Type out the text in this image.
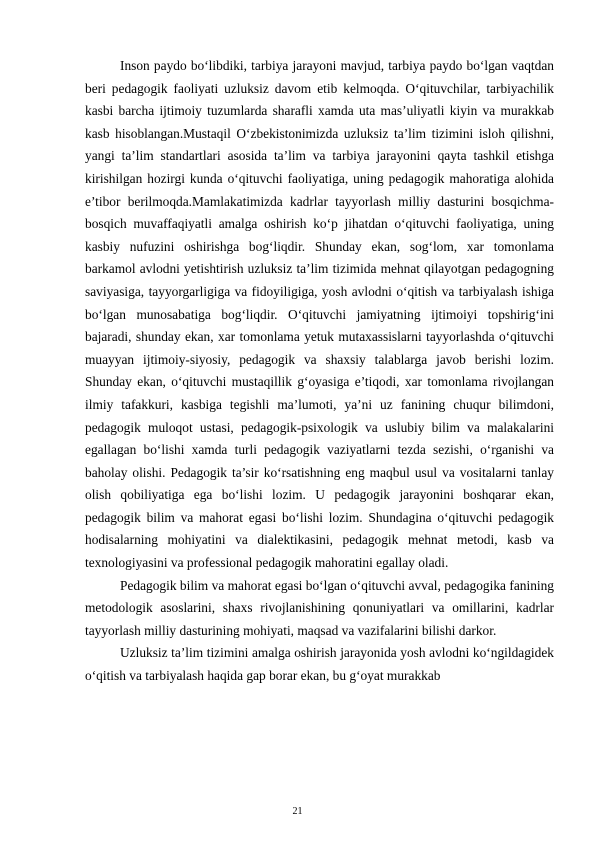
Inson paydo bo‘libdiki, tarbiya jarayoni mavjud, tarbiya paydo bo‘lgan vaqtdan beri pedagogik faoliyati uzluksiz davom etib kelmoqda. O‘qituvchilar, tarbiyachilik kasbi barcha ijtimoiy tuzumlarda sharafli xamda uta mas’uliyatli kiyin va murakkab kasb hisoblangan.Mustaqil O‘zbekistonimizda uzluksiz ta’lim tizimini isloh qilishni, yangi ta’lim standartlari asosida ta’lim va tarbiya jarayonini qayta tashkil etishga kirishilgan hozirgi kunda o‘qituvchi faoliyatiga, uning pedagogik mahoratiga alohida e’tibor berilmoqda.Mamlakatimizda kadrlar tayyorlash milliy dasturini bosqichma-bosqich muvaffaqiyatli amalga oshirish ko‘p jihatdan o‘qituvchi faoliyatiga, uning kasbiy nufuzini oshirishga bog‘liqdir. Shunday ekan, sog‘lom, xar tomonlama barkamol avlodni yetishtirish uzluksiz ta’lim tizimida mehnat qilayotgan pedagogning saviyasiga, tayyorgarligiga va fidoyiligiga, yosh avlodni o‘qitish va tarbiyalash ishiga bo‘lgan munosabatiga bog‘liqdir. O‘qituvchi jamiyatning ijtimoiyi topshirig‘ini bajaradi, shunday ekan, xar tomonlama yetuk mutaxassislarni tayyorlashda o‘qituvchi muayyan ijtimoiy-siyosiy, pedagogik va shaxsiy talablarga javob berishi lozim. Shunday ekan, o‘qituvchi mustaqillik g‘oyasiga e’tiqodi, xar tomonlama rivojlangan ilmiy tafakkuri, kasbiga tegishli ma’lumoti, ya’ni uz fanining chuqur bilimdoni, pedagogik muloqot ustasi, pedagogik-psixologik va uslubiy bilim va malakalarini egallagan bo‘lishi xamda turli pedagogik vaziyatlarni tezda sezishi, o‘rganishi va baholay olishi. Pedagogik ta’sir ko‘rsatishning eng maqbul usul va vositalarni tanlay olish qobiliyatiga ega bo‘lishi lozim. U pedagogik jarayonini boshqarar ekan, pedagogik bilim va mahorat egasi bo‘lishi lozim. Shundagina o‘qituvchi pedagogik hodisalarning mohiyatini va dialektikasini, pedagogik mehnat metodi, kasb va texnologiyasini va professional pedagogik mahoratini egallay oladi.

Pedagogik bilim va mahorat egasi bo‘lgan o‘qituvchi avval, pedagogika fanining metodologik asoslarini, shaxs rivojlanishining qonuniyatlari va omillarini, kadrlar tayyorlash milliy dasturining mohiyati, maqsad va vazifalarini bilishi darkor.

Uzluksiz ta’lim tizimini amalga oshirish jarayonida yosh avlodni ko‘ngildagidek o‘qitish va tarbiyalash haqida gap borar ekan, bu g‘oyat murakkab

21
